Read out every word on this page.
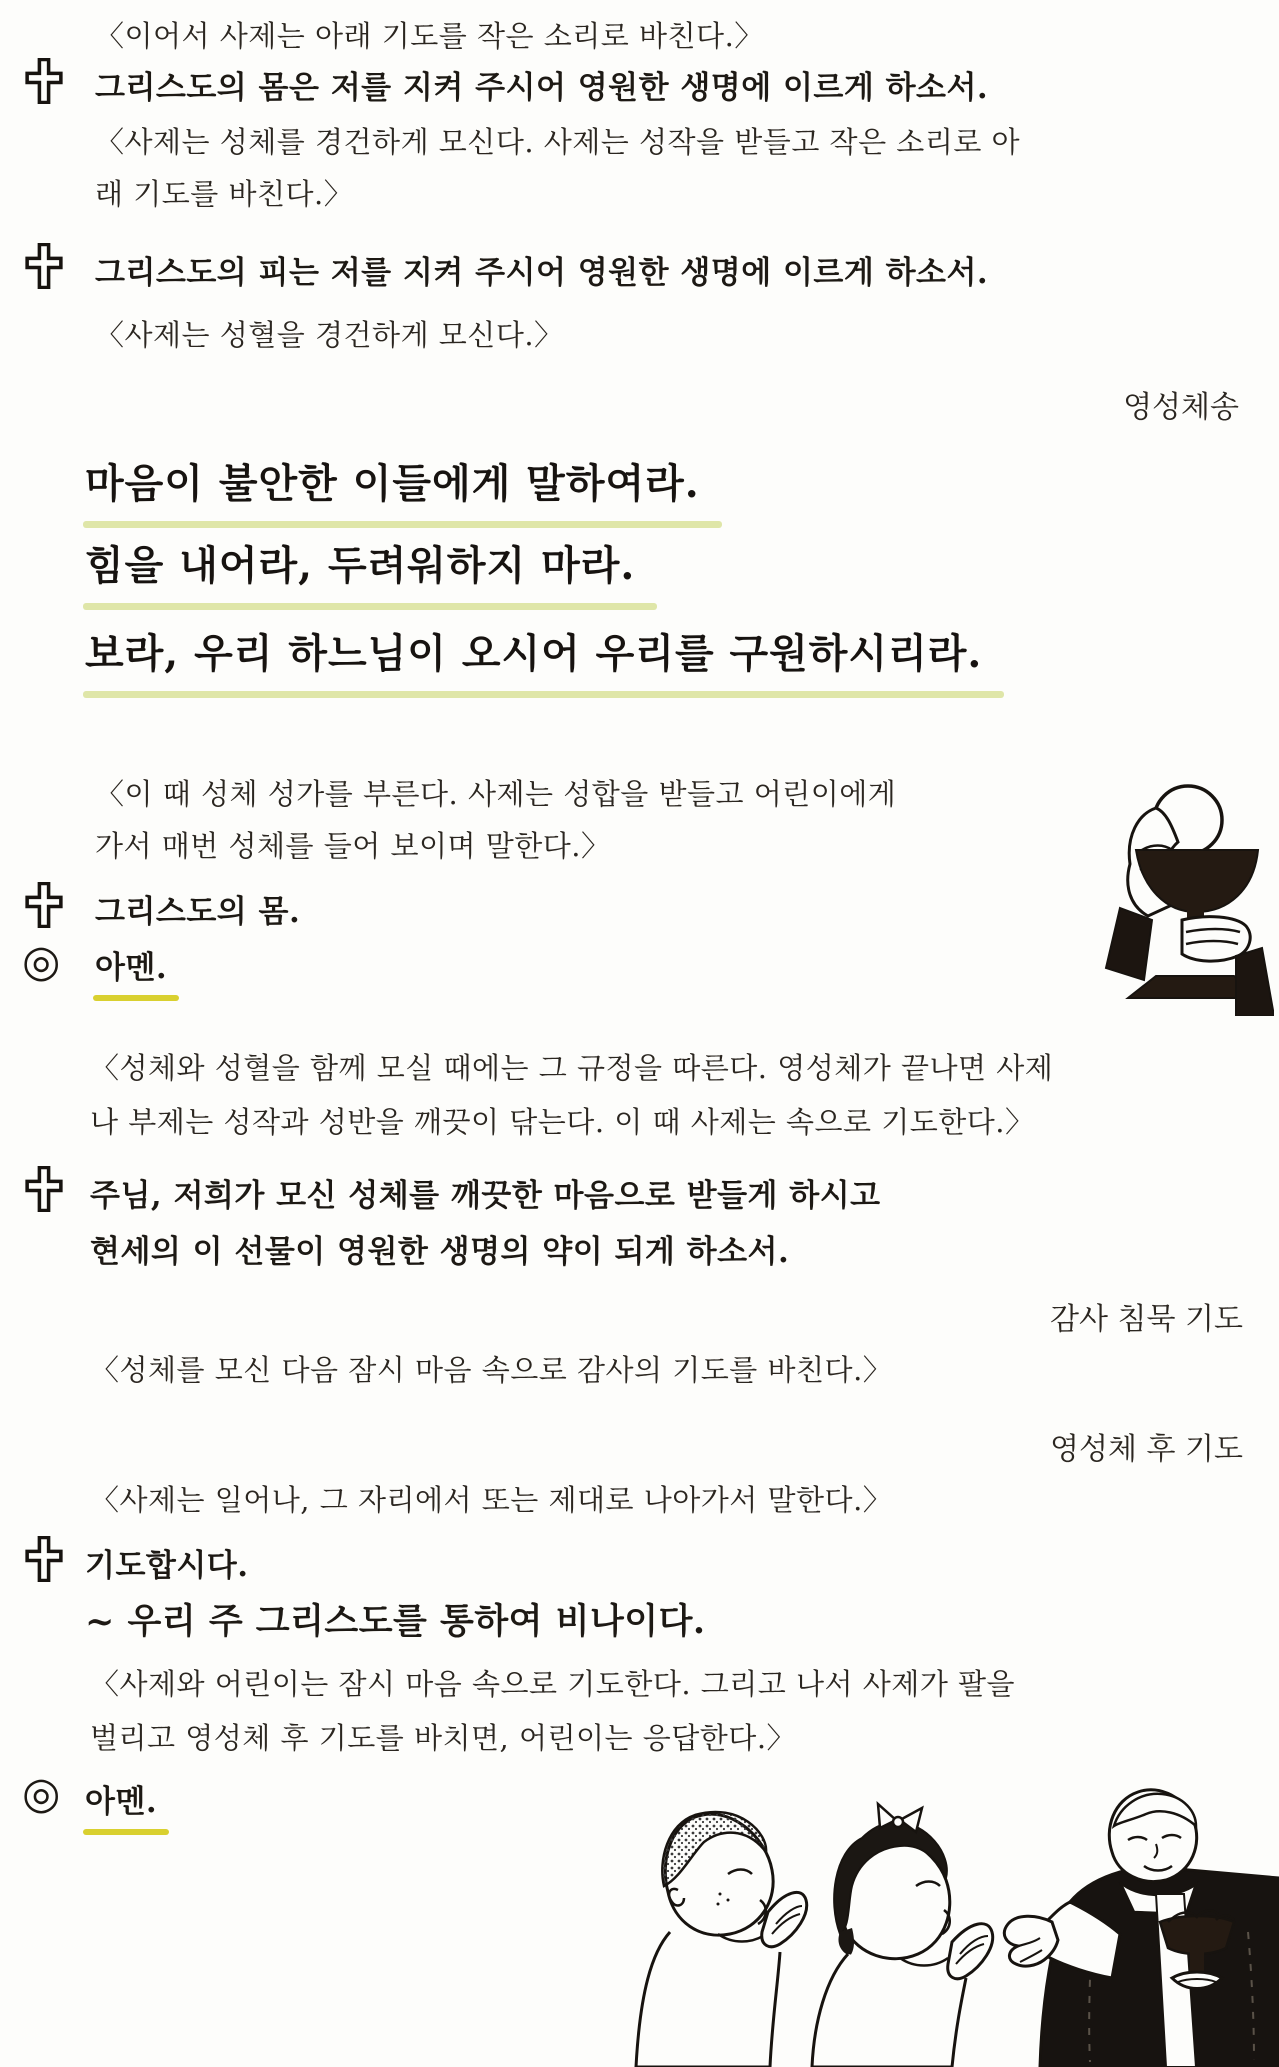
〈이어서 사제는 아래 기도를 작은 소리로 바친다.〉
그리스도의 몸은 저를 지켜 주시어 영원한 생명에 이르게 하소서.
〈사제는 성체를 경건하게 모신다. 사제는 성작을 받들고 작은 소리로 아
래 기도를 바친다.〉
그리스도의 피는 저를 지켜 주시어 영원한 생명에 이르게 하소서.
〈사제는 성혈을 경건하게 모신다.〉
영성체송
마음이 불안한 이들에게 말하여라.
힘을 내어라, 두려워하지 마라.
보라, 우리 하느님이 오시어 우리를 구원하시리라.
〈이 때 성체 성가를 부른다. 사제는 성합을 받들고 어린이에게
가서 매번 성체를 들어 보이며 말한다.〉
그리스도의 몸.
◎ 아멘.
〈성체와 성혈을 함께 모실 때에는 그 규정을 따른다. 영성체가 끝나면 사제
나 부제는 성작과 성반을 깨끗이 닦는다. 이 때 사제는 속으로 기도한다.〉
주님, 저희가 모신 성체를 깨끗한 마음으로 받들게 하시고
현세의 이 선물이 영원한 생명의 약이 되게 하소서.
감사 침묵 기도
〈성체를 모신 다음 잠시 마음 속으로 감사의 기도를 바친다.〉
영성체 후 기도
〈사제는 일어나, 그 자리에서 또는 제대로 나아가서 말한다.〉
기도합시다.
~ 우리 주 그리스도를 통하여 비나이다.
〈사제와 어린이는 잠시 마음 속으로 기도한다. 그리고 나서 사제가 팔을
벌리고 영성체 후 기도를 바치면, 어린이는 응답한다.〉
◎ 아멘.
